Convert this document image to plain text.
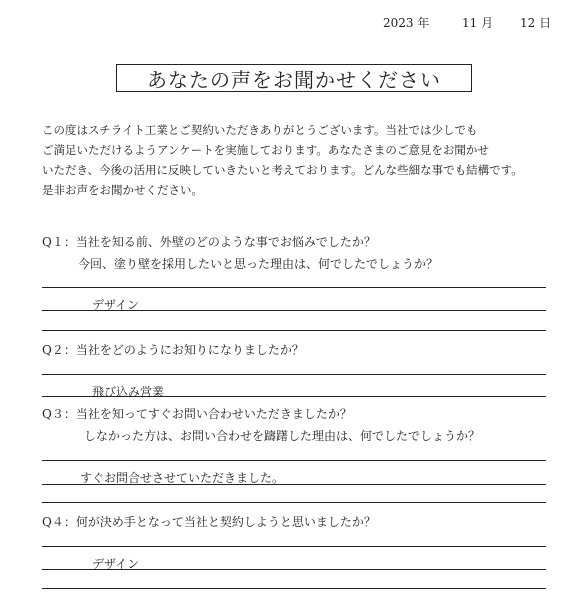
2023 年	11 月 12 日
あなたの声をお聞かせください
この度はスチライト工業とご契約いただきありがとうございます。当社では少しでも
ご満足いただけるようアンケートを実施しております。あなたさまのご意見をお聞かせ
いただき、今後の活用に反映していきたいと考えております。どんな些細な事でも結構です。
是非お声をお聞かせください。
Q１：当社を知る前、外壁のどのような事でお悩みでしたか？
今回、塗り壁を採用したいと思った理由は、何でしたでしょうか？
デザイン
Q２：当社をどのようにお知りになりましたか？
飛び込み営業
Q３：当社を知ってすぐお問い合わせいただきましたか？
しなかった方は、お問い合わせを躊躇した理由は、何でしたでしょうか？
すぐお問合せさせていただきました。
Q４：何が決め手となって当社と契約しようと思いましたか？
デザイン
